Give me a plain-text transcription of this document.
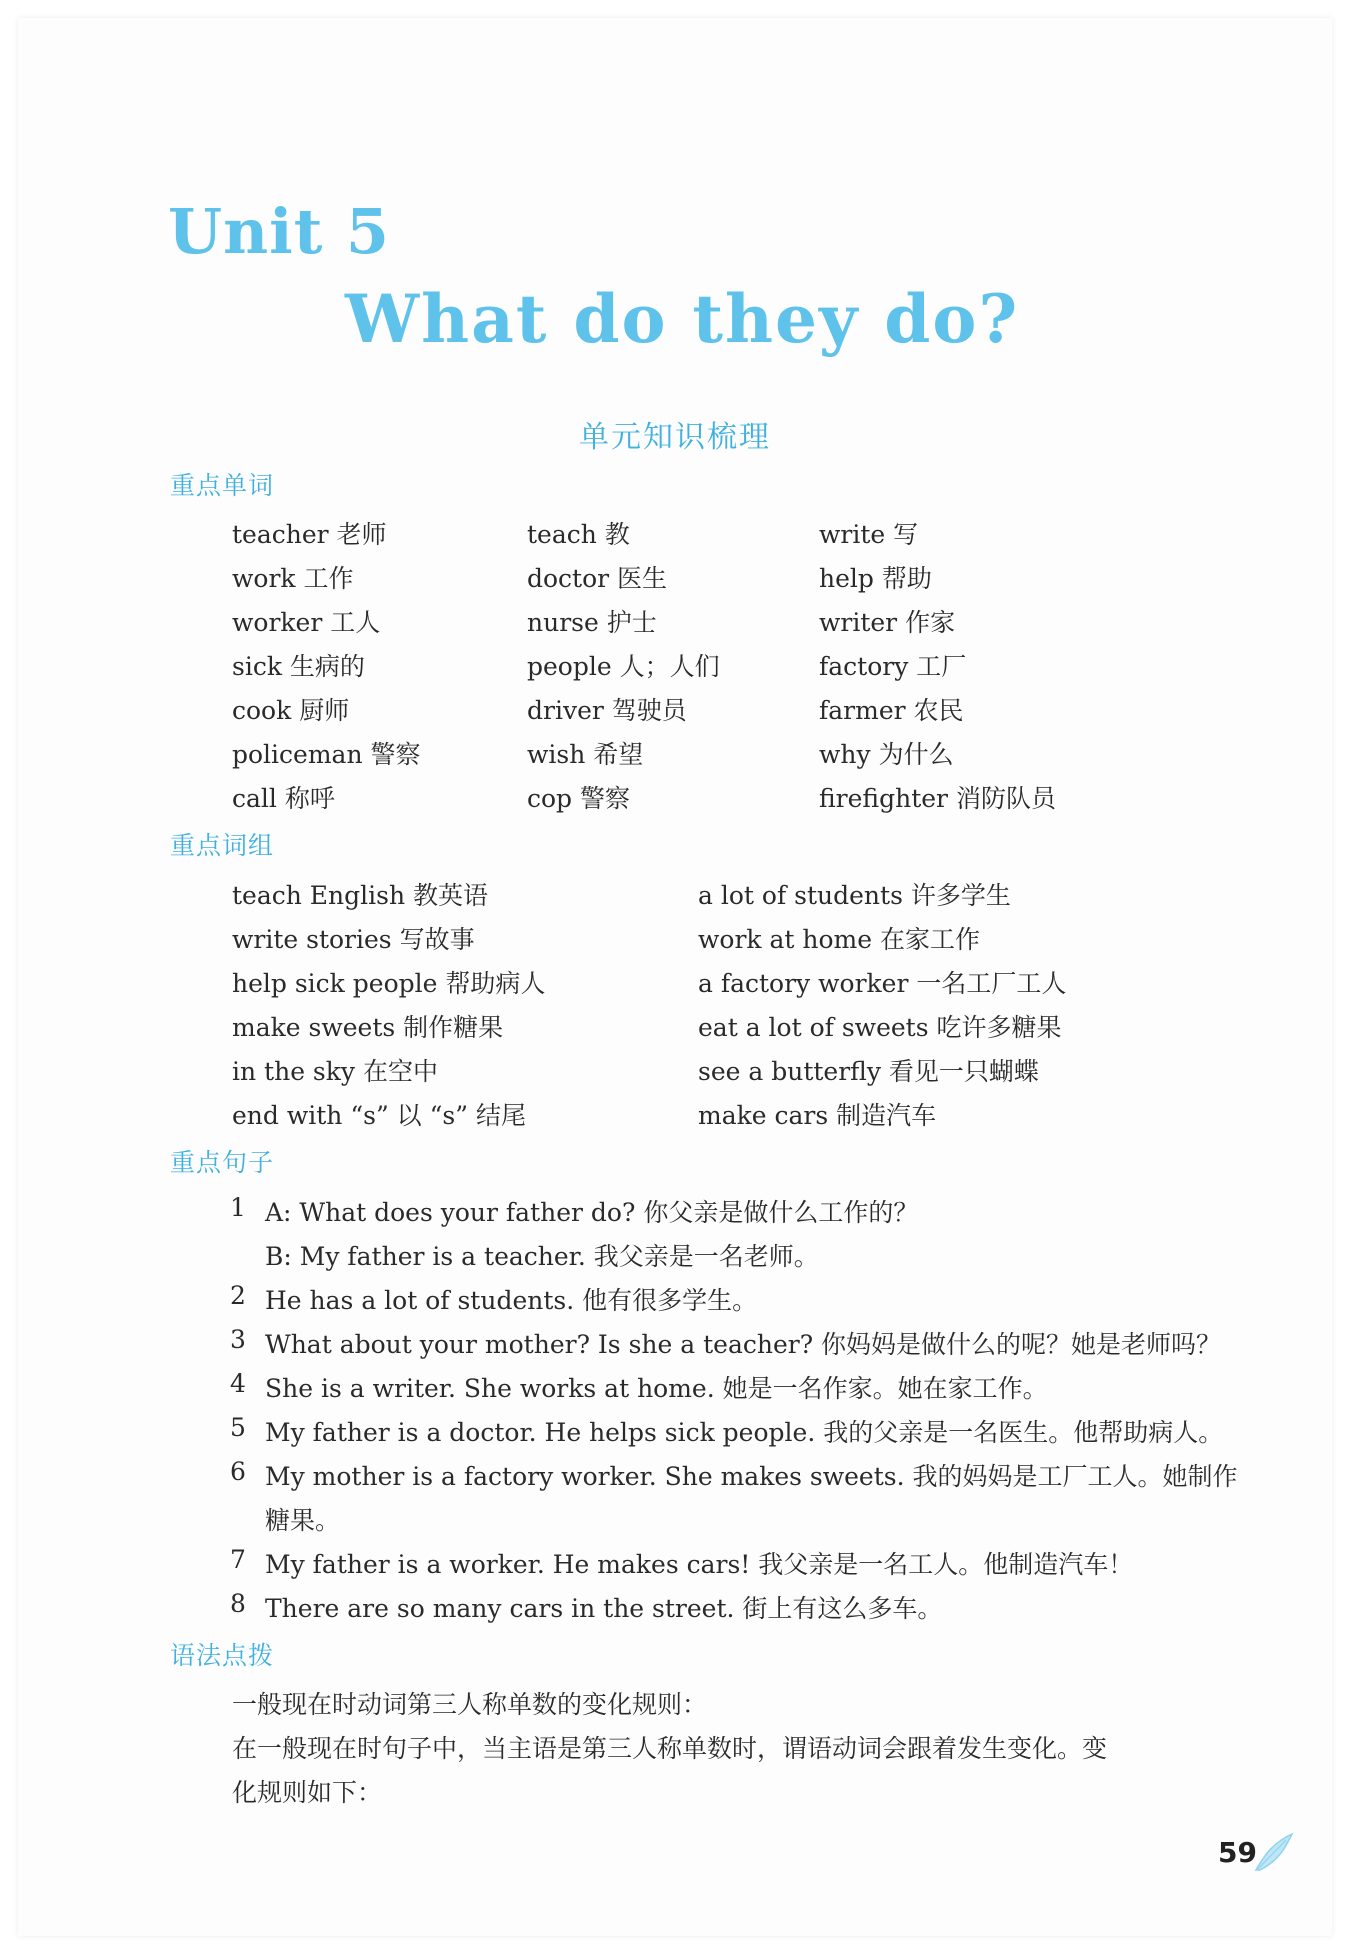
Unit 5
What do they do?
单元知识梳理
重点单词
teacher 老师
work 工作
worker 工人
sick 生病的
cook 厨师
policeman 警察
call 称呼
teach 教
doctor 医生
nurse 护士
people 人；人们
driver 驾驶员
wish 希望
cop 警察
write 写
help 帮助
writer 作家
factory 工厂
farmer 农民
why 为什么
firefighter 消防队员
重点词组
teach English 教英语
write stories 写故事
help sick people 帮助病人
make sweets 制作糖果
in the sky 在空中
end with “s” 以 “s” 结尾
a lot of students 许多学生
work at home 在家工作
a factory worker 一名工厂工人
eat a lot of sweets 吃许多糖果
see a butterfly 看见一只蝴蝶
make cars 制造汽车
重点句子
1 A: What does your father do? 你父亲是做什么工作的？
B: My father is a teacher. 我父亲是一名老师。
2 He has a lot of students. 他有很多学生。
3 What about your mother? Is she a teacher? 你妈妈是做什么的呢？她是老师吗？
4 She is a writer. She works at home. 她是一名作家。她在家工作。
5 My father is a doctor. He helps sick people. 我的父亲是一名医生。他帮助病人。
6 My mother is a factory worker. She makes sweets. 我的妈妈是工厂工人。她制作
糖果。
7 My father is a worker. He makes cars! 我父亲是一名工人。他制造汽车！
8 There are so many cars in the street. 街上有这么多车。
语法点拨
一般现在时动词第三人称单数的变化规则：
在一般现在时句子中，当主语是第三人称单数时，谓语动词会跟着发生变化。变
化规则如下：
59
